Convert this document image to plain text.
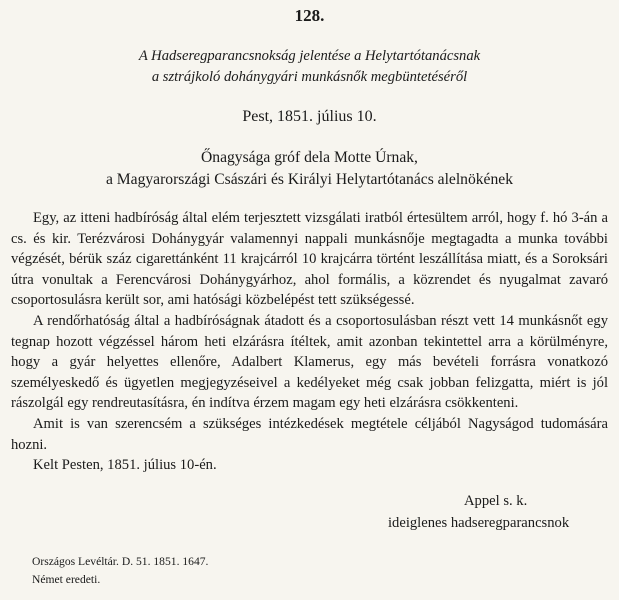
128.
A Hadseregparancsnokság jelentése a Helytartótanácsnak
a sztrájkoló dohánygyári munkásnők megbüntetéséről
Pest, 1851. július 10.
Őnagysága gróf dela Motte Úrnak,
a Magyarországi Császári és Királyi Helytartótanács alelnökének

Egy, az itteni hadbíróság által elém terjesztett vizsgálati iratból értesültem arról, hogy f. hó 3-án a cs. és kir. Terézvárosi Dohánygyár valamennyi nappali munkásnője megtagadta a munka további végzését, bérük száz cigarettánként 11 krajcárról 10 krajcárra történt leszállítása miatt, és a Soroksári útra vonultak a Ferencvárosi Dohánygyárhoz, ahol formális, a közrendet és nyugalmat zavaró csoportosulásra került sor, ami hatósági közbelépést tett szükségessé.

A rendőrhatóság által a hadbíróságnak átadott és a csoportosulásban részt vett 14 munkásnőt egy tegnap hozott végzéssel három heti elzárásra ítéltek, amit azonban tekintettel arra a körülményre, hogy a gyár helyettes ellenőre, Adalbert Klamerus, egy más bevételi forrásra vonatkozó személyeskedő és ügyetlen megjegyzéseivel a kedélyeket még csak jobban felizgatta, miért is jól rászolgál egy rendreutasításra, én indítva érzem magam egy heti elzárásra csökkenteni.

Amit is van szerencsém a szükséges intézkedések megtétele céljából Nagyságod tudomására hozni.

Kelt Pesten, 1851. július 10-én.
Appel s. k.
ideiglenes hadseregparancsnok
Országos Levéltár. D. 51. 1851. 1647.
Német eredeti.
